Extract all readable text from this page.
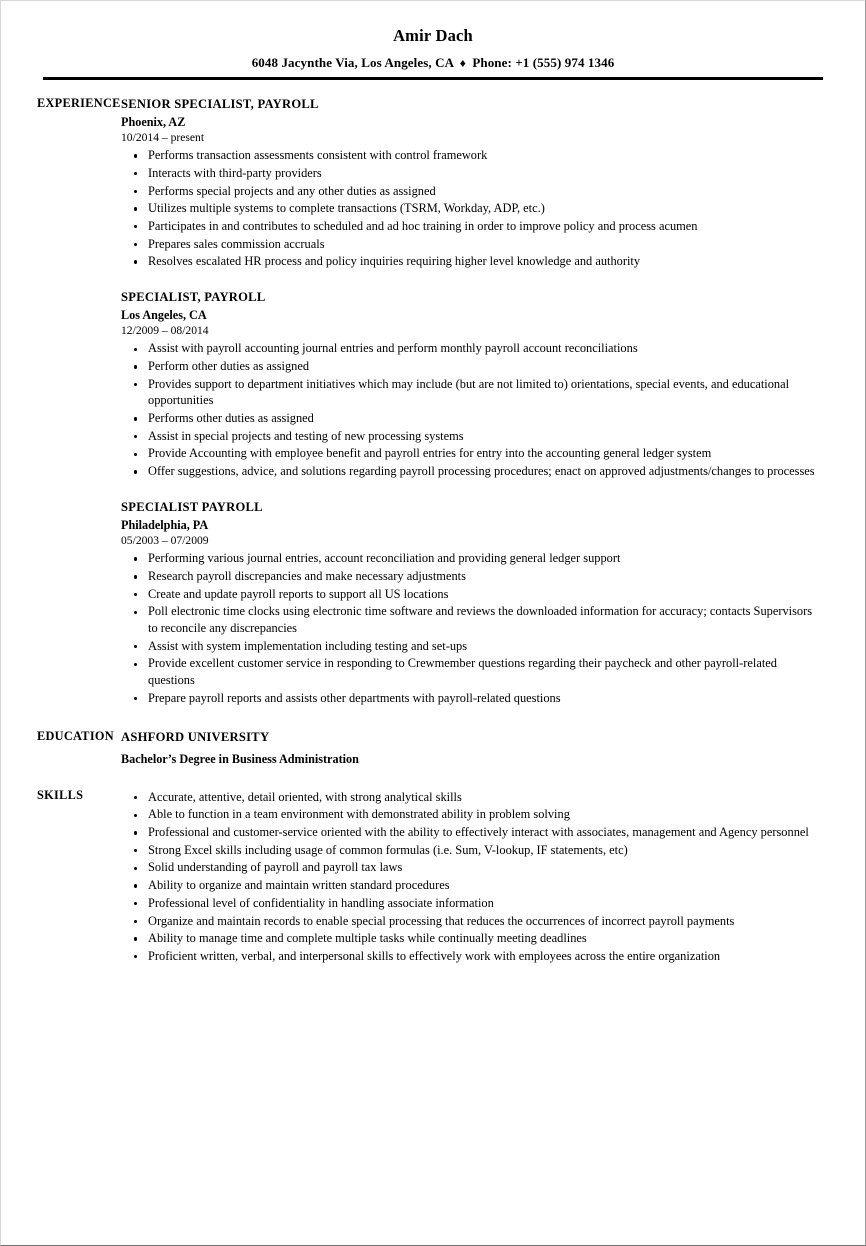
Amir Dach
6048 Jacynthe Via, Los Angeles, CA ♦ Phone: +1 (555) 974 1346
EXPERIENCE SENIOR SPECIALIST, PAYROLL
Phoenix, AZ
10/2014 – present
Performs transaction assessments consistent with control framework
Interacts with third-party providers
Performs special projects and any other duties as assigned
Utilizes multiple systems to complete transactions (TSRM, Workday, ADP, etc.)
Participates in and contributes to scheduled and ad hoc training in order to improve policy and process acumen
Prepares sales commission accruals
Resolves escalated HR process and policy inquiries requiring higher level knowledge and authority
SPECIALIST, PAYROLL
Los Angeles, CA
12/2009 – 08/2014
Assist with payroll accounting journal entries and perform monthly payroll account reconciliations
Perform other duties as assigned
Provides support to department initiatives which may include (but are not limited to) orientations, special events, and educational opportunities
Performs other duties as assigned
Assist in special projects and testing of new processing systems
Provide Accounting with employee benefit and payroll entries for entry into the accounting general ledger system
Offer suggestions, advice, and solutions regarding payroll processing procedures; enact on approved adjustments/changes to processes
SPECIALIST PAYROLL
Philadelphia, PA
05/2003 – 07/2009
Performing various journal entries, account reconciliation and providing general ledger support
Research payroll discrepancies and make necessary adjustments
Create and update payroll reports to support all US locations
Poll electronic time clocks using electronic time software and reviews the downloaded information for accuracy; contacts Supervisors to reconcile any discrepancies
Assist with system implementation including testing and set-ups
Provide excellent customer service in responding to Crewmember questions regarding their paycheck and other payroll-related questions
Prepare payroll reports and assists other departments with payroll-related questions
EDUCATION ASHFORD UNIVERSITY
Bachelor’s Degree in Business Administration
SKILLS	Accurate, attentive, detail oriented, with strong analytical skills
Able to function in a team environment with demonstrated ability in problem solving
Professional and customer-service oriented with the ability to effectively interact with associates, management and Agency personnel
Strong Excel skills including usage of common formulas (i.e. Sum, V-lookup, IF statements, etc)
Solid understanding of payroll and payroll tax laws
Ability to organize and maintain written standard procedures
Professional level of confidentiality in handling associate information
Organize and maintain records to enable special processing that reduces the occurrences of incorrect payroll payments
Ability to manage time and complete multiple tasks while continually meeting deadlines
Proficient written, verbal, and interpersonal skills to effectively work with employees across the entire organization
